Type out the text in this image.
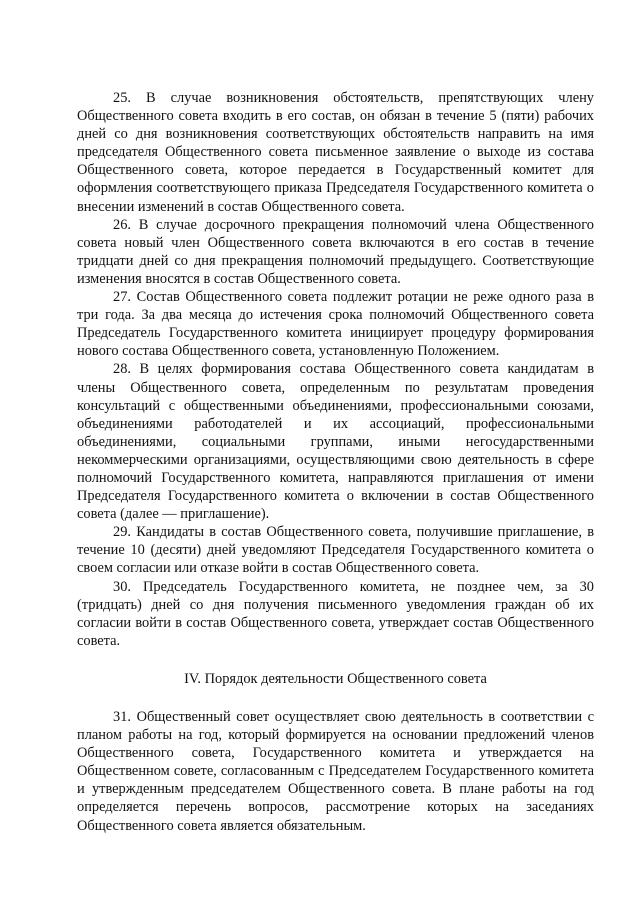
25. В случае возникновения обстоятельств, препятствующих члену Общественного совета входить в его состав, он обязан в течение 5 (пяти) рабочих дней со дня возникновения соответствующих обстоятельств направить на имя председателя Общественного совета письменное заявление о выходе из состава Общественного совета, которое передается в Государственный комитет для оформления соответствующего приказа Председателя Государственного комитета о внесении изменений в состав Общественного совета.

26. В случае досрочного прекращения полномочий члена Общественного совета новый член Общественного совета включаются в его состав в течение тридцати дней со дня прекращения полномочий предыдущего. Соответствующие изменения вносятся в состав Общественного совета.

27. Состав Общественного совета подлежит ротации не реже одного раза в три года. За два месяца до истечения срока полномочий Общественного совета Председатель Государственного комитета инициирует процедуру формирования нового состава Общественного совета, установленную Положением.

28. В целях формирования состава Общественного совета кандидатам в члены Общественного совета, определенным по результатам проведения консультаций с общественными объединениями, профессиональными союзами, объединениями работодателей и их ассоциаций, профессиональными объединениями, социальными группами, иными негосударственными некоммерческими организациями, осуществляющими свою деятельность в сфере полномочий Государственного комитета, направляются приглашения от имени Председателя Государственного комитета о включении в состав Общественного совета (далее — приглашение).

29. Кандидаты в состав Общественного совета, получившие приглашение, в течение 10 (десяти) дней уведомляют Председателя Государственного комитета о своем согласии или отказе войти в состав Общественного совета.

30. Председатель Государственного комитета, не позднее чем, за 30 (тридцать) дней со дня получения письменного уведомления граждан об их согласии войти в состав Общественного совета, утверждает состав Общественного совета.

IV. Порядок деятельности Общественного совета

31. Общественный совет осуществляет свою деятельность в соответствии с планом работы на год, который формируется на основании предложений членов Общественного совета, Государственного комитета и утверждается на Общественном совете, согласованным с Председателем Государственного комитета и утвержденным председателем Общественного совета. В плане работы на год определяется перечень вопросов, рассмотрение которых на заседаниях Общественного совета является обязательным.
